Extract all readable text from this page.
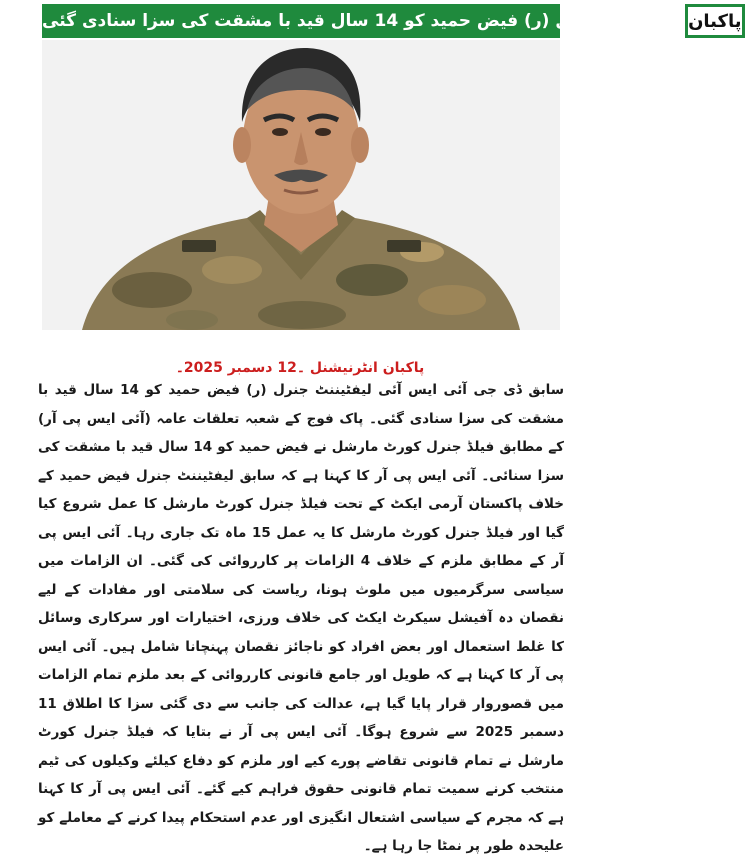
لیفٹیننٹ جنرل (ر) فیض حمید کو 14 سال قید با مشقت کی سزا سنادی گئی پاکبان
پاکبان انٹرنیشنل ۔12 دسمبر 2025۔
سابق ڈی جی آئی ایس آئی لیفٹیننٹ جنرل (ر) فیض حمید کو 14 سال قید با مشقت کی سزا سنادی گئی۔ پاک فوج کے شعبہ تعلقات عامہ (آئی ایس پی آر) کے مطابق فیلڈ جنرل کورٹ مارشل نے فیض حمید کو 14 سال قید با مشقت کی سزا سنائی۔ آئی ایس پی آر کا کہنا ہے کہ سابق لیفٹیننٹ جنرل فیض حمید کے خلاف پاکستان آرمی ایکٹ کے تحت فیلڈ جنرل کورٹ مارشل کا عمل شروع کیا گیا اور فیلڈ جنرل کورٹ مارشل کا یہ عمل 15 ماہ تک جاری رہا۔ آئی ایس پی آر کے مطابق ملزم کے خلاف 4 الزامات پر کارروائی کی گئی۔ ان الزامات میں سیاسی سرگرمیوں میں ملوث ہونا، ریاست کی سلامتی اور مفادات کے لیے نقصان دہ آفیشل سیکرٹ ایکٹ کی خلاف ورزی، اختیارات اور سرکاری وسائل کا غلط استعمال اور بعض افراد کو ناجائز نقصان پہنچانا شامل ہیں۔ آئی ایس پی آر کا کہنا ہے کہ طویل اور جامع قانونی کارروائی کے بعد ملزم تمام الزامات میں قصوروار قرار پایا گیا ہے، عدالت کی جانب سے دی گئی سزا کا اطلاق 11 دسمبر 2025 سے شروع ہوگا۔ آئی ایس پی آر نے بتایا کہ فیلڈ جنرل کورٹ مارشل نے تمام قانونی تقاضے پورے کیے اور ملزم کو دفاع کیلئے وکیلوں کی ٹیم منتخب کرنے سمیت تمام قانونی حقوق فراہم کیے گئے۔ آئی ایس پی آر کا کہنا ہے کہ مجرم کے سیاسی اشتعال انگیزی اور عدم استحکام پیدا کرنے کے معاملے کو علیحدہ طور پر نمٹا جا رہا ہے۔
